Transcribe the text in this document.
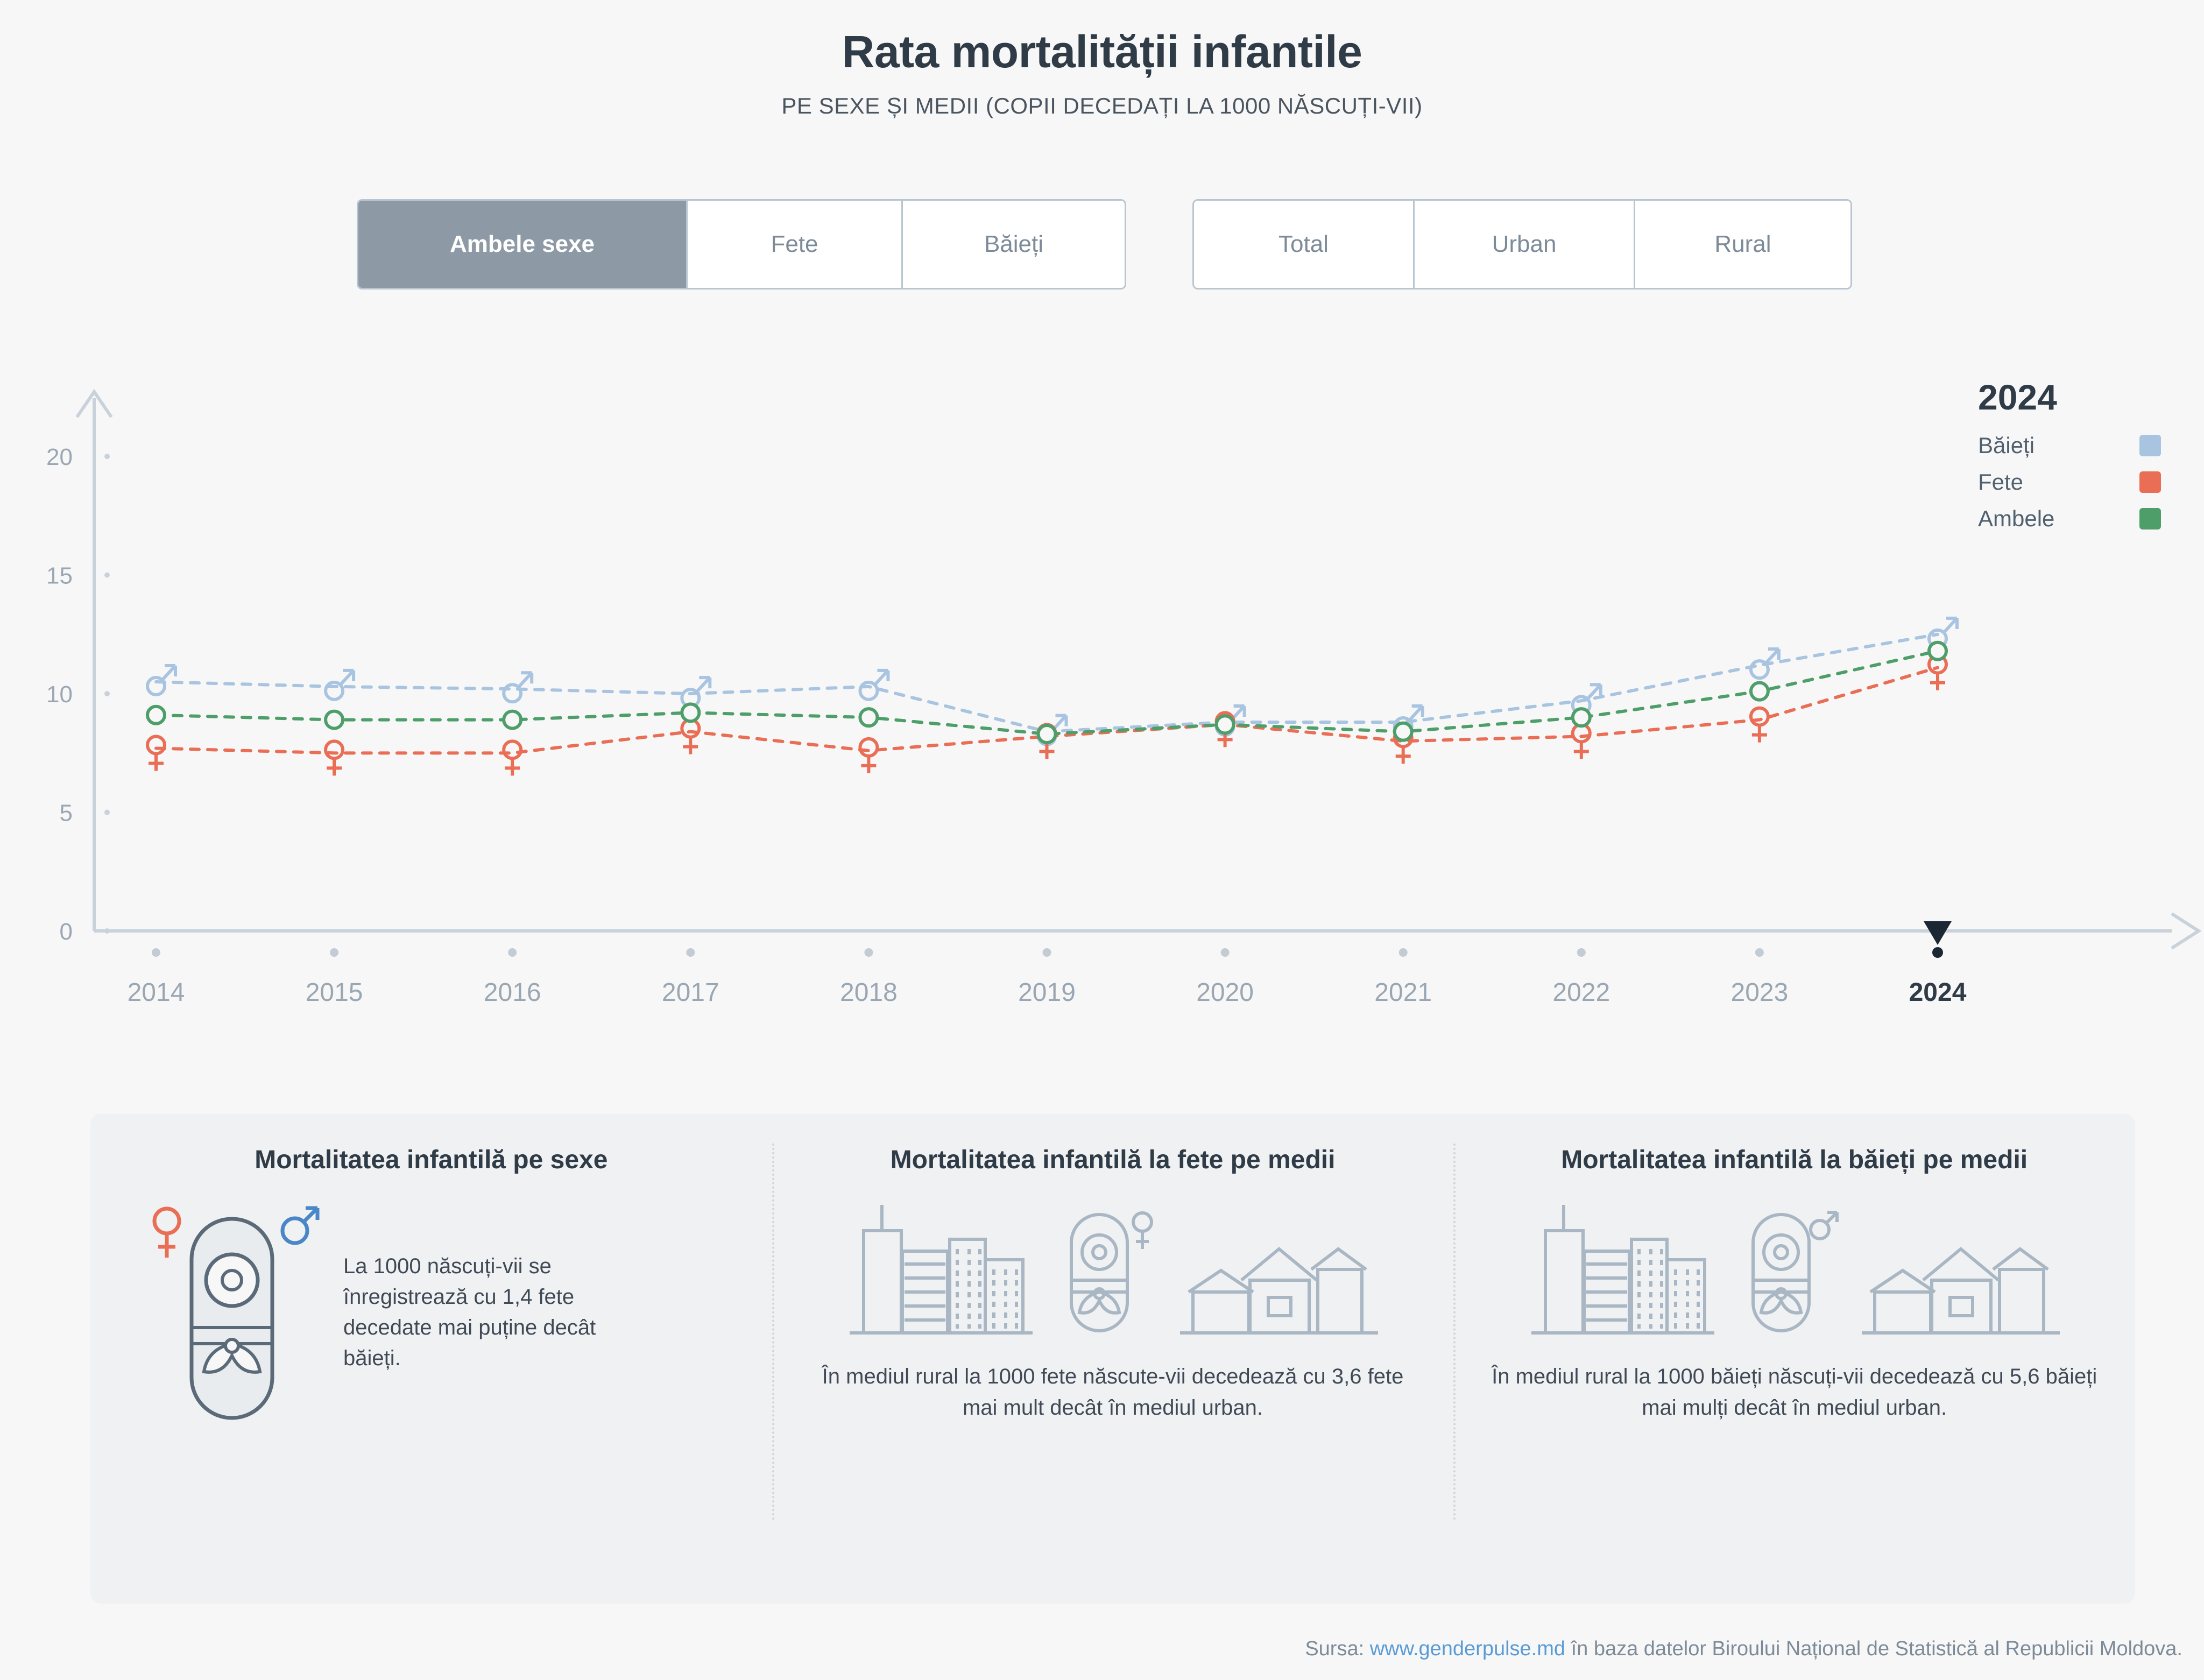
Rata mortalității infantile
PE SEXE ȘI MEDII (COPII DECEDAȚI LA 1000 NĂSCUȚI-VII)
Ambele sexe	Fete	Băieți	Total	Urban	Rural
0
5
10
15
20
2014	2015	2016	2017	2018	2019	2020	2021	2022	2023	2024
2024
Băieți
Fete
Ambele
Mortalitatea infantilă pe sexe
La 1000 născuți-vii se înregistrează cu 1,4 fete decedate mai puține decât băieți.
Mortalitatea infantilă la fete pe medii
În mediul rural la 1000 fete născute-vii decedează cu 3,6 fete mai mult decât în mediul urban.
Mortalitatea infantilă la băieți pe medii
În mediul rural la 1000 băieți născuți-vii decedează cu 5,6 băieți mai mulți decât în mediul urban.
Sursa: www.genderpulse.md în baza datelor Biroului Național de Statistică al Republicii Moldova.
